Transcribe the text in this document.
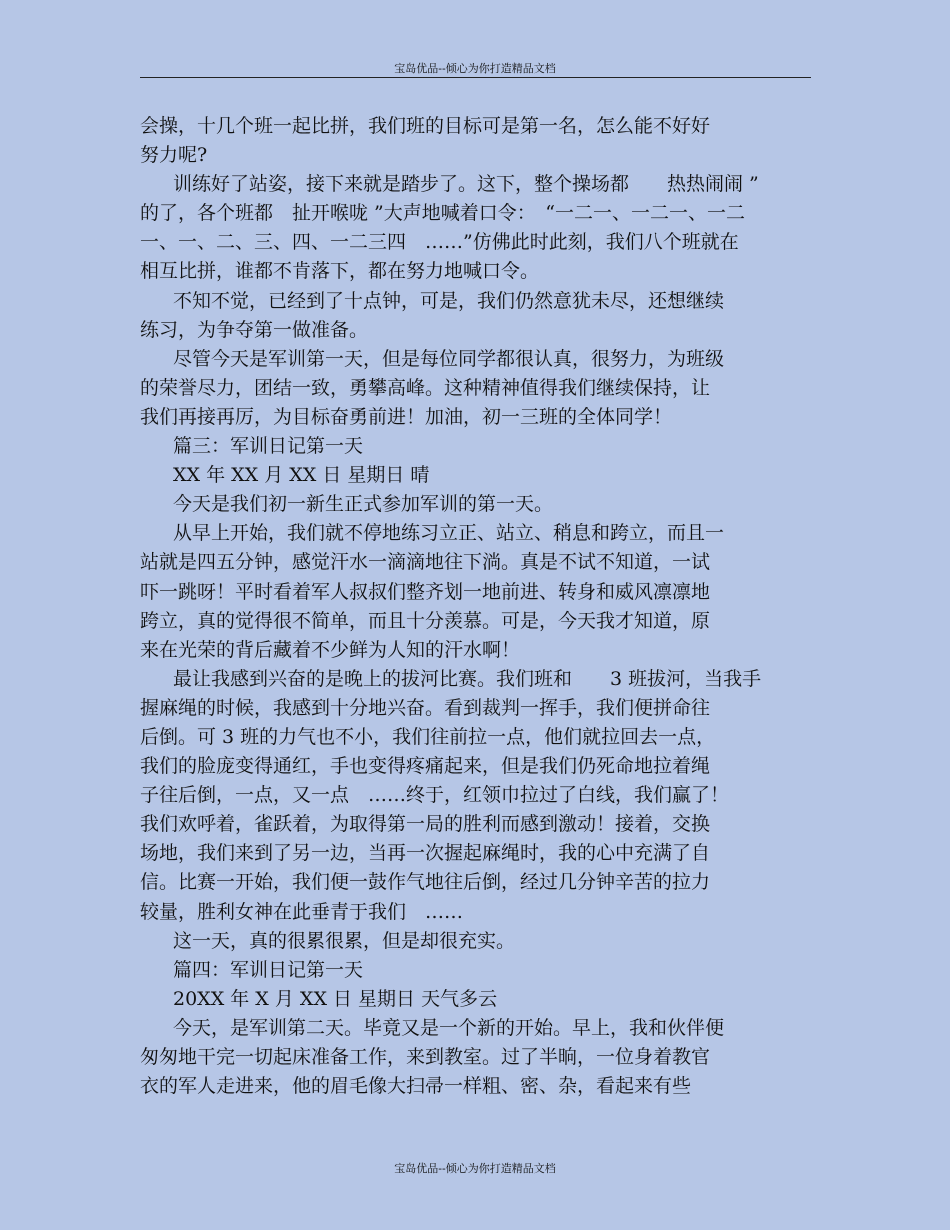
宝岛优品--倾心为你打造精品文档
会操，十几个班一起比拼，我们班的目标可是第一名，怎么能不好好
努力呢?
训练好了站姿，接下来就是踏步了。这下，整个操场都　　热热闹闹 ”
的了，各个班都　扯开喉咙 ”大声地喊着口令：　“一二一、一二一、一二
一、一、二、三、四、一二三四　……”仿佛此时此刻，我们八个班就在
相互比拼，谁都不肯落下，都在努力地喊口令。
不知不觉，已经到了十点钟，可是，我们仍然意犹未尽，还想继续
练习，为争夺第一做准备。
尽管今天是军训第一天，但是每位同学都很认真，很努力，为班级
的荣誉尽力，团结一致，勇攀高峰。这种精神值得我们继续保持，让
我们再接再厉，为目标奋勇前进！加油，初一三班的全体同学！
篇三：军训日记第一天
XX 年 XX 月 XX 日 星期日 晴
今天是我们初一新生正式参加军训的第一天。
从早上开始，我们就不停地练习立正、站立、稍息和跨立，而且一
站就是四五分钟，感觉汗水一滴滴地往下淌。真是不试不知道，一试
吓一跳呀！平时看着军人叔叔们整齐划一地前进、转身和威风凛凛地
跨立，真的觉得很不简单，而且十分羡慕。可是，今天我才知道，原
来在光荣的背后藏着不少鲜为人知的汗水啊！
最让我感到兴奋的是晚上的拔河比赛。我们班和　　3 班拔河，当我手
握麻绳的时候，我感到十分地兴奋。看到裁判一挥手，我们便拼命往
后倒。可 3 班的力气也不小，我们往前拉一点，他们就拉回去一点，
我们的脸庞变得通红，手也变得疼痛起来，但是我们仍死命地拉着绳
子往后倒，一点，又一点　……终于，红领巾拉过了白线，我们赢了！
我们欢呼着，雀跃着，为取得第一局的胜利而感到激动！接着，交换
场地，我们来到了另一边，当再一次握起麻绳时，我的心中充满了自
信。比赛一开始，我们便一鼓作气地往后倒，经过几分钟辛苦的拉力
较量，胜利女神在此垂青于我们　……
这一天，真的很累很累，但是却很充实。
篇四：军训日记第一天
20XX 年 X 月 XX 日 星期日 天气多云
今天，是军训第二天。毕竟又是一个新的开始。早上，我和伙伴便
匆匆地干完一切起床准备工作，来到教室。过了半晌，一位身着教官
衣的军人走进来，他的眉毛像大扫帚一样粗、密、杂，看起来有些
宝岛优品--倾心为你打造精品文档
